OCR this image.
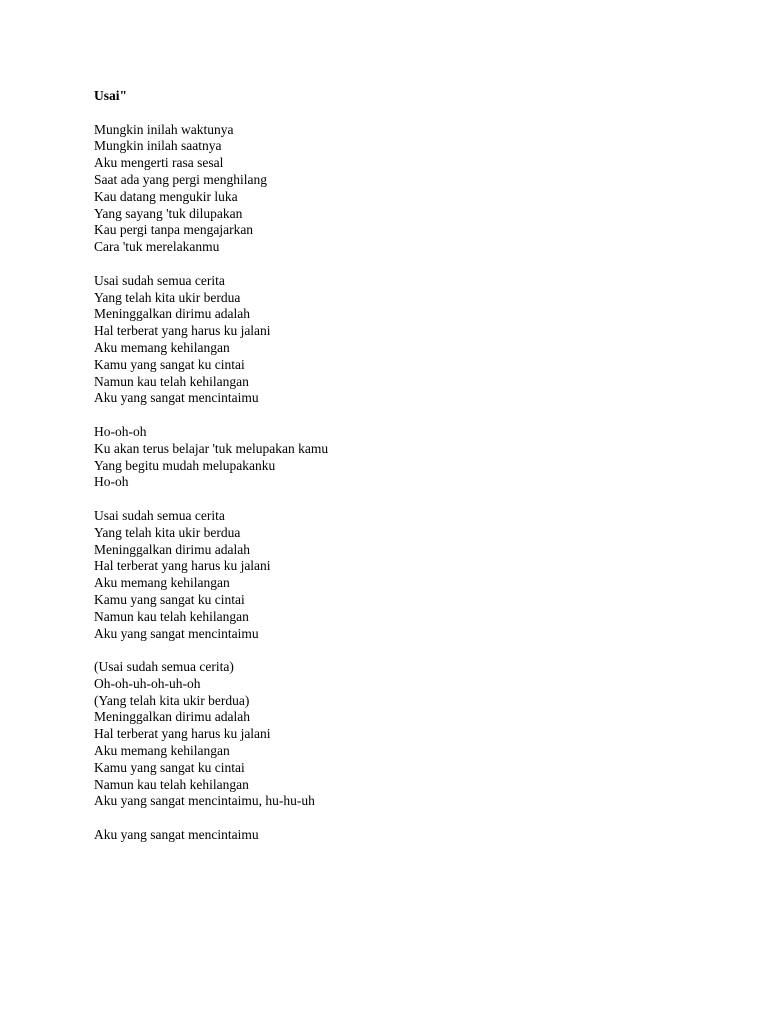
Usai"
Mungkin inilah waktunya
Mungkin inilah saatnya
Aku mengerti rasa sesal
Saat ada yang pergi menghilang
Kau datang mengukir luka
Yang sayang 'tuk dilupakan
Kau pergi tanpa mengajarkan
Cara 'tuk merelakanmu
Usai sudah semua cerita
Yang telah kita ukir berdua
Meninggalkan dirimu adalah
Hal terberat yang harus ku jalani
Aku memang kehilangan
Kamu yang sangat ku cintai
Namun kau telah kehilangan
Aku yang sangat mencintaimu
Ho-oh-oh
Ku akan terus belajar 'tuk melupakan kamu
Yang begitu mudah melupakanku
Ho-oh
Usai sudah semua cerita
Yang telah kita ukir berdua
Meninggalkan dirimu adalah
Hal terberat yang harus ku jalani
Aku memang kehilangan
Kamu yang sangat ku cintai
Namun kau telah kehilangan
Aku yang sangat mencintaimu
(Usai sudah semua cerita)
Oh-oh-uh-oh-uh-oh
(Yang telah kita ukir berdua)
Meninggalkan dirimu adalah
Hal terberat yang harus ku jalani
Aku memang kehilangan
Kamu yang sangat ku cintai
Namun kau telah kehilangan
Aku yang sangat mencintaimu, hu-hu-uh
Aku yang sangat mencintaimu
